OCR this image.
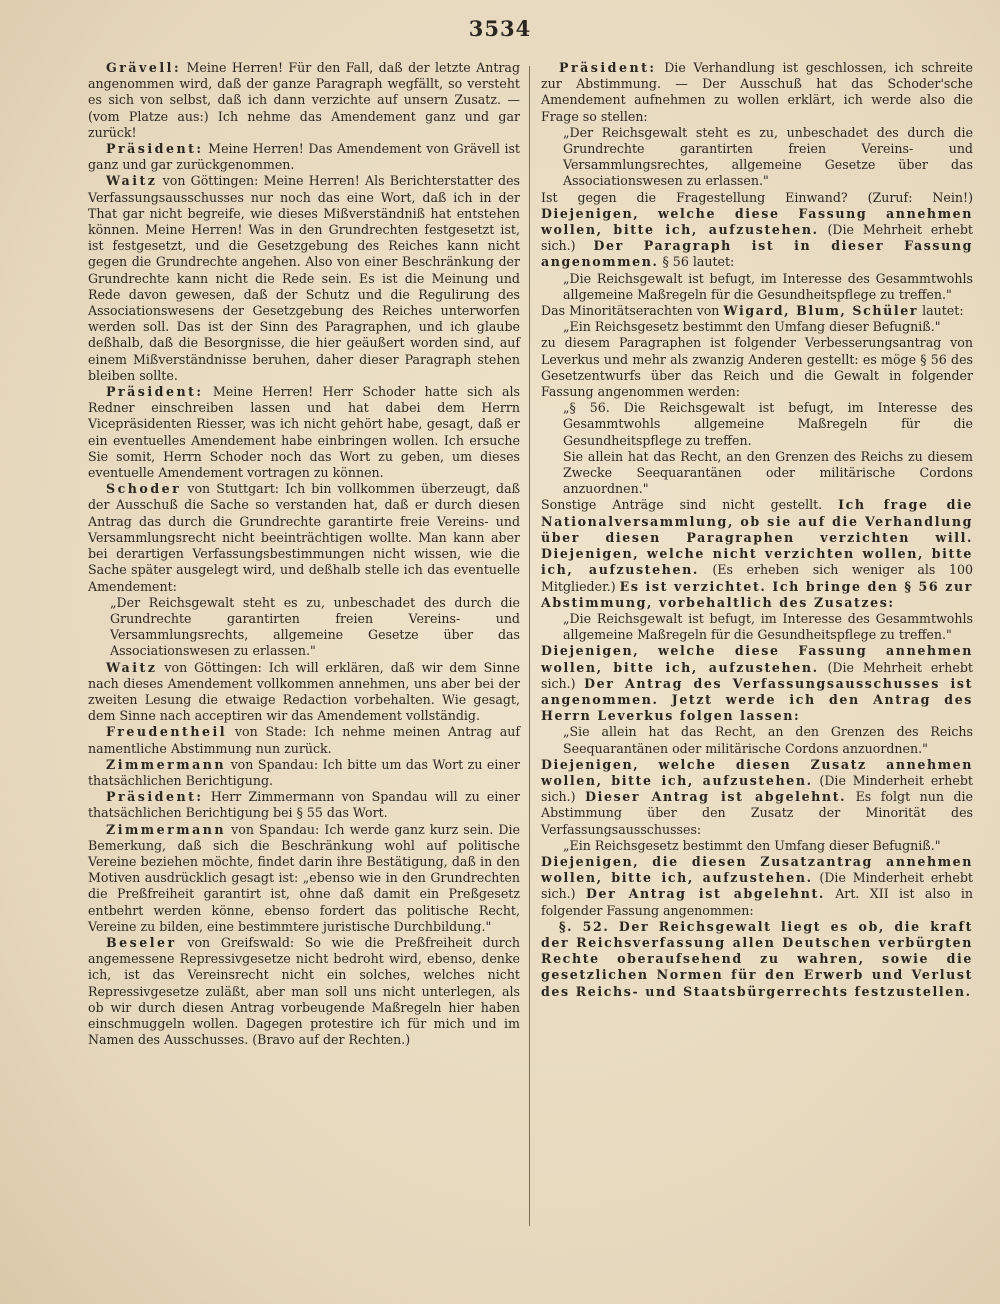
3534

Grävell: Meine Herren! Für den Fall, daß der letzte Antrag angenommen wird, daß der ganze Paragraph wegfällt, so versteht es sich von selbst, daß ich dann verzichte auf unsern Zusatz. — (vom Platze aus:) Ich nehme das Amendement ganz und gar zurück!

Präsident: Meine Herren! Das Amendement von Grävell ist ganz und gar zurückgenommen.

Waitz von Göttingen: Meine Herren! Als Berichterstatter des Verfassungsausschusses nur noch das eine Wort, daß ich in der That gar nicht begreife, wie dieses Mißverständniß hat entstehen können. Meine Herren! Was in den Grundrechten festgesetzt ist, ist festgesetzt, und die Gesetzgebung des Reiches kann nicht gegen die Grundrechte angehen. Also von einer Beschränkung der Grundrechte kann nicht die Rede sein. Es ist die Meinung und Rede davon gewesen, daß der Schutz und die Regulirung des Associationswesens der Gesetzgebung des Reiches unterworfen werden soll. Das ist der Sinn des Paragraphen, und ich glaube deßhalb, daß die Besorgnisse, die hier geäußert worden sind, auf einem Mißverständnisse beruhen, daher dieser Paragraph stehen bleiben sollte.

Präsident: Meine Herren! Herr Schoder hatte sich als Redner einschreiben lassen und hat dabei dem Herrn Vicepräsidenten Riesser, was ich nicht gehört habe, gesagt, daß er ein eventuelles Amendement habe einbringen wollen. Ich ersuche Sie somit, Herrn Schoder noch das Wort zu geben, um dieses eventuelle Amendement vortragen zu können.

Schoder von Stuttgart: Ich bin vollkommen überzeugt, daß der Ausschuß die Sache so verstanden hat, daß er durch diesen Antrag das durch die Grundrechte garantirte freie Vereins- und Versammlungsrecht nicht beeinträchtigen wollte. Man kann aber bei derartigen Verfassungsbestimmungen nicht wissen, wie die Sache später ausgelegt wird, und deßhalb stelle ich das eventuelle Amendement:

„Der Reichsgewalt steht es zu, unbeschadet des durch die Grundrechte garantirten freien Vereins- und Versammlungsrechts, allgemeine Gesetze über das Associationswesen zu erlassen."

Waitz von Göttingen: Ich will erklären, daß wir dem Sinne nach dieses Amendement vollkommen annehmen, uns aber bei der zweiten Lesung die etwaige Redaction vorbehalten. Wie gesagt, dem Sinne nach acceptiren wir das Amendement vollständig.

Freudentheil von Stade: Ich nehme meinen Antrag auf namentliche Abstimmung nun zurück.

Zimmermann von Spandau: Ich bitte um das Wort zu einer thatsächlichen Berichtigung.

Präsident: Herr Zimmermann von Spandau will zu einer thatsächlichen Berichtigung bei § 55 das Wort.

Zimmermann von Spandau: Ich werde ganz kurz sein. Die Bemerkung, daß sich die Beschränkung wohl auf politische Vereine beziehen möchte, findet darin ihre Bestätigung, daß in den Motiven ausdrücklich gesagt ist: „ebenso wie in den Grundrechten die Preßfreiheit garantirt ist, ohne daß damit ein Preßgesetz entbehrt werden könne, ebenso fordert das politische Recht, Vereine zu bilden, eine bestimmtere juristische Durchbildung."

Beseler von Greifswald: So wie die Preßfreiheit durch angemessene Repressivgesetze nicht bedroht wird, ebenso, denke ich, ist das Vereinsrecht nicht ein solches, welches nicht Repressivgesetze zuläßt, aber man soll uns nicht unterlegen, als ob wir durch diesen Antrag vorbeugende Maßregeln hier haben einschmuggeln wollen. Dagegen protestire ich für mich und im Namen des Ausschusses. (Bravo auf der Rechten.)

Präsident: Die Verhandlung ist geschlossen, ich schreite zur Abstimmung. — Der Ausschuß hat das Schoder'sche Amendement aufnehmen zu wollen erklärt, ich werde also die Frage so stellen:

„Der Reichsgewalt steht es zu, unbeschadet des durch die Grundrechte garantirten freien Vereins- und Versammlungsrechtes, allgemeine Gesetze über das Associationswesen zu erlassen."

Ist gegen die Fragestellung Einwand? (Zuruf: Nein!) Diejenigen, welche diese Fassung annehmen wollen, bitte ich, aufzustehen. (Die Mehrheit erhebt sich.) Der Paragraph ist in dieser Fassung angenommen. § 56 lautet:

„Die Reichsgewalt ist befugt, im Interesse des Gesammtwohls allgemeine Maßregeln für die Gesundheitspflege zu treffen."

Das Minoritätserachten von Wigard, Blum, Schüler lautet:

„Ein Reichsgesetz bestimmt den Umfang dieser Befugniß."

zu diesem Paragraphen ist folgender Verbesserungsantrag von Leverkus und mehr als zwanzig Anderen gestellt: es möge § 56 des Gesetzentwurfs über das Reich und die Gewalt in folgender Fassung angenommen werden:

„§ 56. Die Reichsgewalt ist befugt, im Interesse des Gesammtwohls allgemeine Maßregeln für die Gesundheitspflege zu treffen.

Sie allein hat das Recht, an den Grenzen des Reichs zu diesem Zwecke Seequarantänen oder militärische Cordons anzuordnen."

Sonstige Anträge sind nicht gestellt. Ich frage die Nationalversammlung, ob sie auf die Verhandlung über diesen Paragraphen verzichten will. Diejenigen, welche nicht verzichten wollen, bitte ich, aufzustehen. (Es erheben sich weniger als 100 Mitglieder.) Es ist verzichtet. Ich bringe den § 56 zur Abstimmung, vorbehaltlich des Zusatzes:

„Die Reichsgewalt ist befugt, im Interesse des Gesammtwohls allgemeine Maßregeln für die Gesundheitspflege zu treffen."

Diejenigen, welche diese Fassung annehmen wollen, bitte ich, aufzustehen. (Die Mehrheit erhebt sich.) Der Antrag des Verfassungsausschusses ist angenommen. Jetzt werde ich den Antrag des Herrn Leverkus folgen lassen:

„Sie allein hat das Recht, an den Grenzen des Reichs Seequarantänen oder militärische Cordons anzuordnen."

Diejenigen, welche diesen Zusatz annehmen wollen, bitte ich, aufzustehen. (Die Minderheit erhebt sich.) Dieser Antrag ist abgelehnt. Es folgt nun die Abstimmung über den Zusatz der Minorität des Verfassungsausschusses:

„Ein Reichsgesetz bestimmt den Umfang dieser Befugniß."

Diejenigen, die diesen Zusatzantrag annehmen wollen, bitte ich, aufzustehen. (Die Minderheit erhebt sich.) Der Antrag ist abgelehnt. Art. XII ist also in folgender Fassung angenommen:

§. 52. Der Reichsgewalt liegt es ob, die kraft der Reichsverfassung allen Deutschen verbürgten Rechte oberaufsehend zu wahren, sowie die gesetzlichen Normen für den Erwerb und Verlust des Reichs- und Staatsbürgerrechts festzustellen.
